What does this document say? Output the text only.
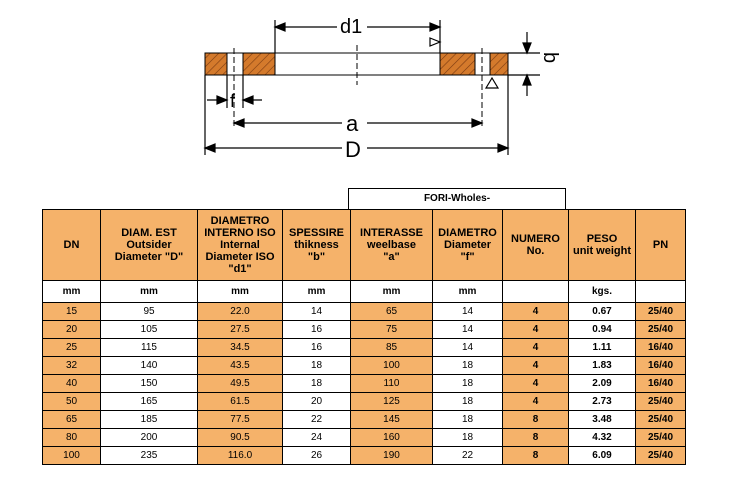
d1
b
f
a
D
FORI-Wholes-
DN	DIAM. EST
Outsider
Diameter "D"	DIAMETRO
INTERNO ISO
Internal
Diameter ISO
"d1"	SPESSIRE
thikness
"b"	INTERASSE
weelbase
"a"	DIAMETRO
Diameter
"f"	NUMERO
No.	PESO
unit weight	PN

mm	mm	mm	mm	mm	mm		kgs.	
15	95	22.0	14	65	14	4	0.67	25/40
20	105	27.5	16	75	14	4	0.94	25/40
25	115	34.5	16	85	14	4	1.11	16/40
32	140	43.5	18	100	18	4	1.83	16/40
40	150	49.5	18	110	18	4	2.09	16/40
50	165	61.5	20	125	18	4	2.73	25/40
65	185	77.5	22	145	18	8	3.48	25/40
80	200	90.5	24	160	18	8	4.32	25/40
100	235	116.0	26	190	22	8	6.09	25/40
